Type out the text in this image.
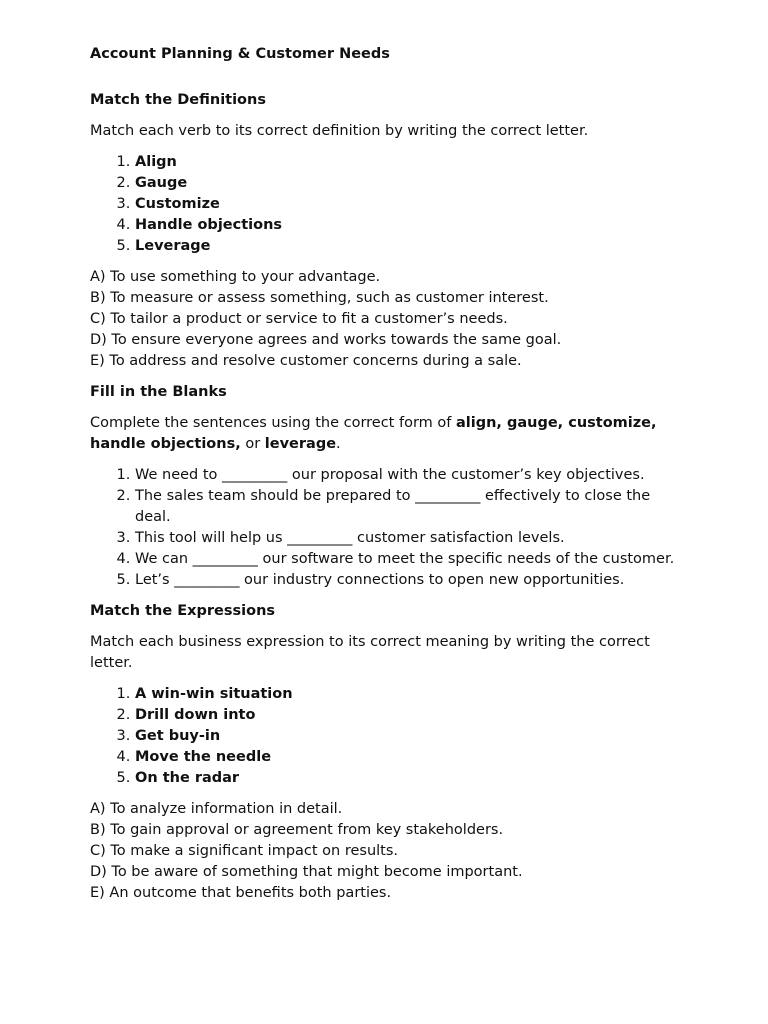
Account Planning & Customer Needs
Match the Definitions

Match each verb to its correct definition by writing the correct letter.

1. Align
2. Gauge
3. Customize
4. Handle objections
5. Leverage
A) To use something to your advantage.
B) To measure or assess something, such as customer interest.
C) To tailor a product or service to fit a customer’s needs.
D) To ensure everyone agrees and works towards the same goal.
E) To address and resolve customer concerns during a sale.
Fill in the Blanks

Complete the sentences using the correct form of align, gauge, customize, handle objections, or leverage.

1. We need to _________ our proposal with the customer’s key objectives.
2. The sales team should be prepared to _________ effectively to close the deal.
3. This tool will help us _________ customer satisfaction levels.
4. We can _________ our software to meet the specific needs of the customer.
5. Let’s _________ our industry connections to open new opportunities.
Match the Expressions

Match each business expression to its correct meaning by writing the correct letter.

1. A win-win situation
2. Drill down into
3. Get buy-in
4. Move the needle
5. On the radar
A) To analyze information in detail.
B) To gain approval or agreement from key stakeholders.
C) To make a significant impact on results.
D) To be aware of something that might become important.
E) An outcome that benefits both parties.
